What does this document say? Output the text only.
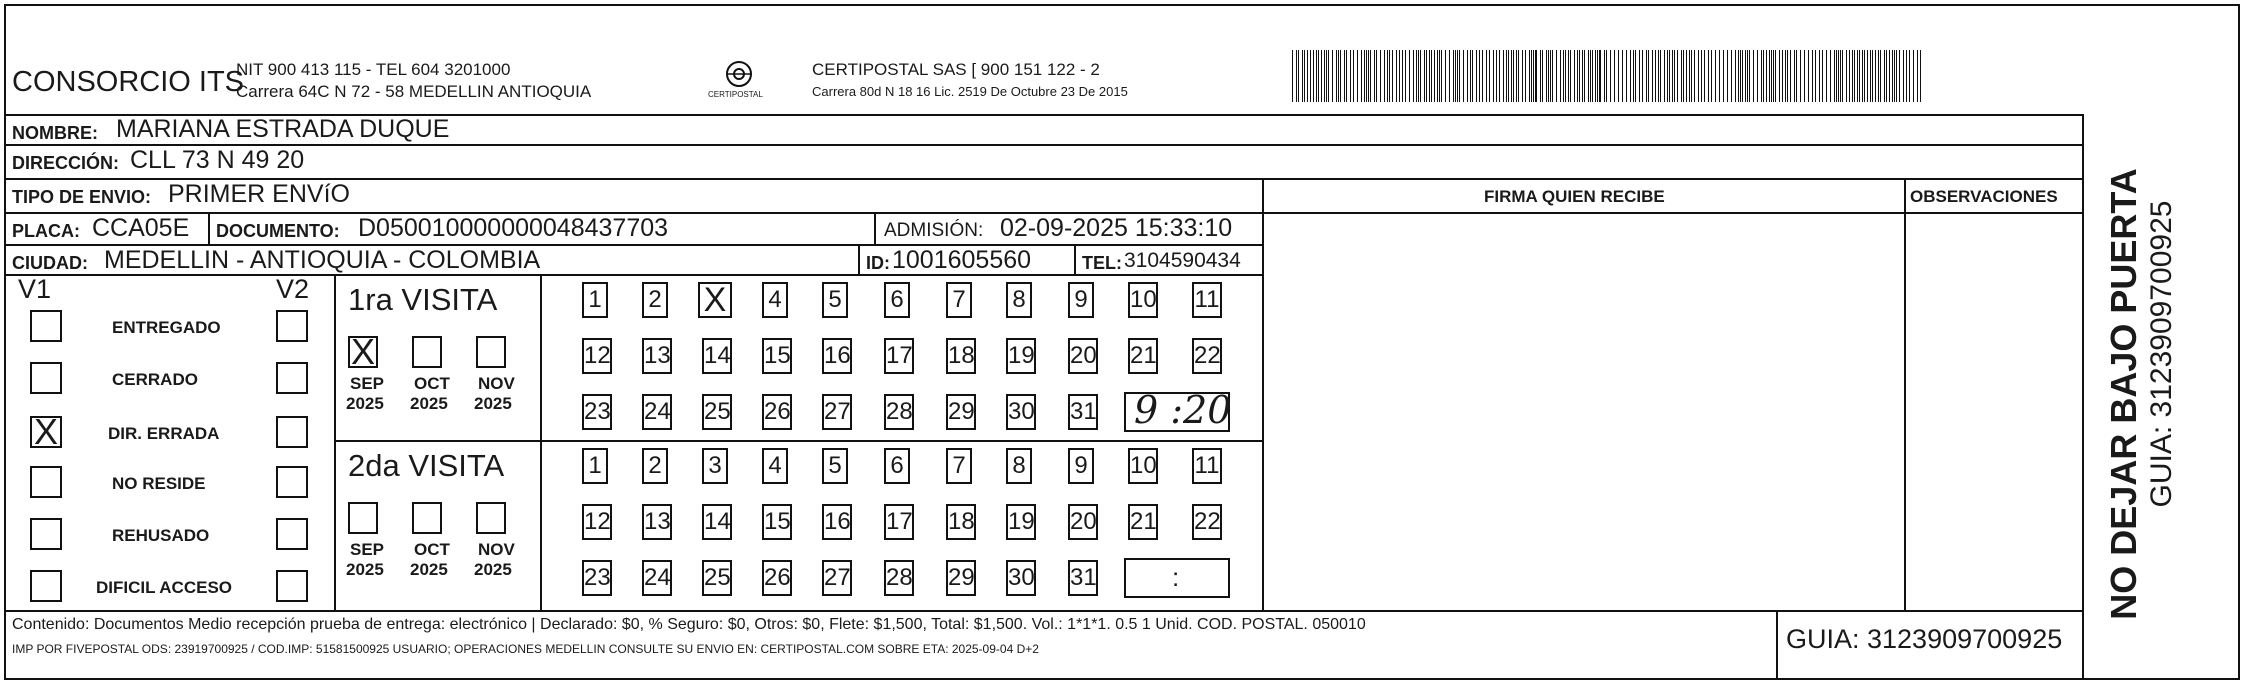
CONSORCIO ITS
NIT 900 413 115 - TEL 604 3201000
Carrera 64C N 72 - 58 MEDELLIN ANTIOQUIA	CERTIPOSTAL
CERTIPOSTAL SAS [ 900 151 122 - 2
Carrera 80d N 18 16 Lic. 2519 De Octubre 23 De 2015
NOMBRE: MARIANA ESTRADA DUQUE
DIRECCIÓN: CLL 73 N 49 20
TIPO DE ENVIO: PRIMER ENVíO	FIRMA QUIEN RECIBE	OBSERVACIONES
PLACA: CCA05E DOCUMENTO: D050010000000048437703	ADMISIÓN: 02-09-2025 15:33:10
CIUDAD: MEDELLIN - ANTIOQUIA - COLOMBIA	ID: 1001605560	TEL: 3104590434
V1	V2
ENTREGADO
CERRADO
X	DIR. ERRADA
NO RESIDE
REHUSADO
DIFICIL ACCESO
1ra VISITA
X
SEP
2025
OCT
2025
NOV
2025
1 2 X 4 5 6 7 8 9 10 11
12 13 14 15 16 17 18 19 20 21 22
23 24 25 26 27 28 29 30 31 9 :20
2da VISITA
SEP
2025
OCT
2025
NOV
2025
1 2 3 4 5 6 7 8 9 10 11
12 13 14 15 16 17 18 19 20 21 22
23 24 25 26 27 28 29 30 31	:
Contenido: Documentos Medio recepción prueba de entrega: electrónico | Declarado: $0, % Seguro: $0, Otros: $0, Flete: $1,500, Total: $1,500. Vol.: 1*1*1. 0.5 1 Unid. COD. POSTAL. 050010
IMP POR FIVEPOSTAL ODS: 23919700925 / COD.IMP: 51581500925 USUARIO; OPERACIONES MEDELLIN CONSULTE SU ENVIO EN: CERTIPOSTAL.COM SOBRE ETA: 2025-09-04 D+2	GUIA: 3123909700925
NO DEJAR BAJO PUERTA GUIA: 3123909700925
